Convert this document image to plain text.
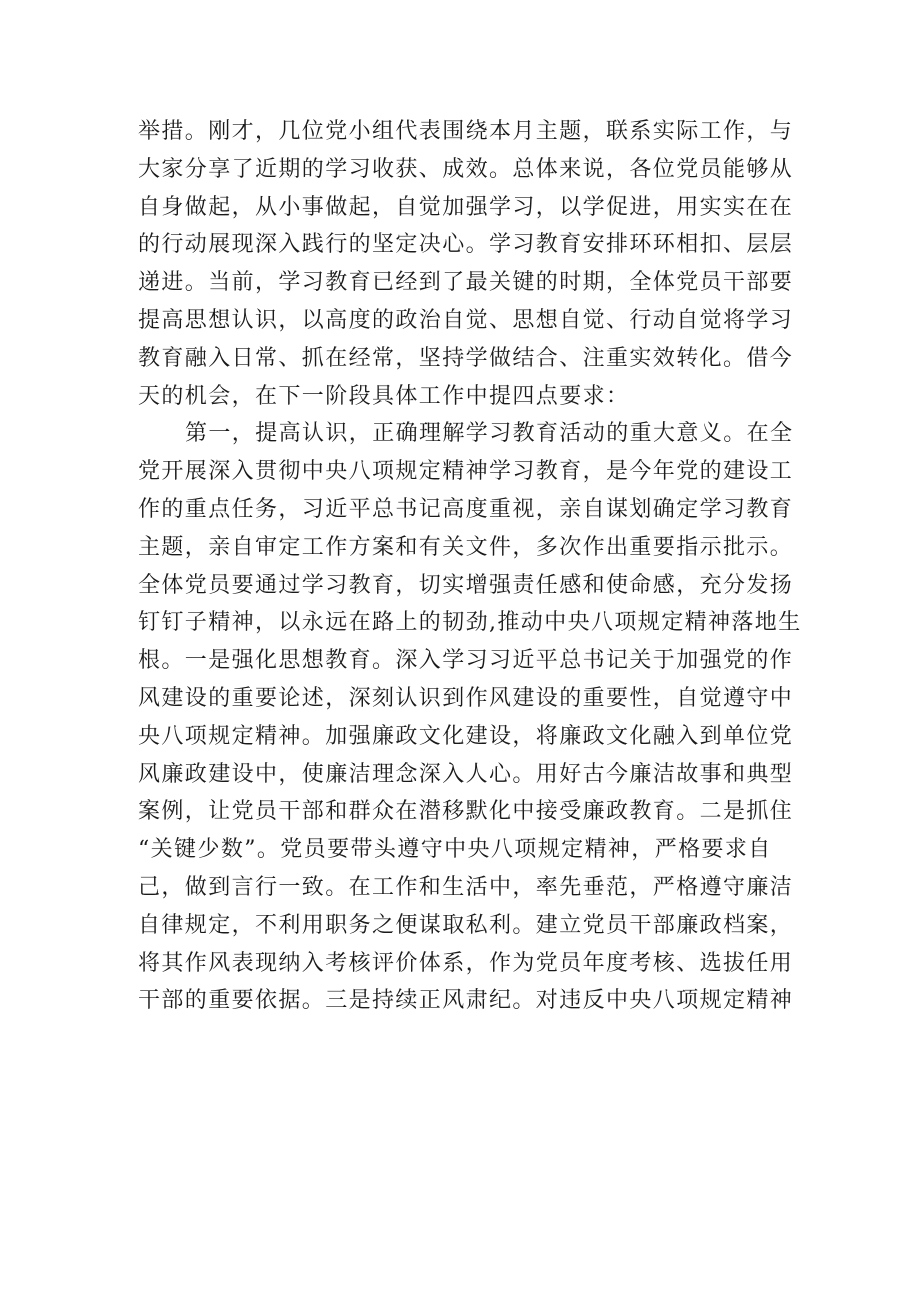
举措。刚才，几位党小组代表围绕本月主题，联系实际工作，与
大家分享了近期的学习收获、成效。总体来说，各位党员能够从
自身做起，从小事做起，自觉加强学习，以学促进，用实实在在
的行动展现深入践行的坚定决心。学习教育安排环环相扣、层层
递进。当前，学习教育已经到了最关键的时期，全体党员干部要
提高思想认识，以高度的政治自觉、思想自觉、行动自觉将学习
教育融入日常、抓在经常，坚持学做结合、注重实效转化。借今
天的机会，在下一阶段具体工作中提四点要求：
第一，提高认识，正确理解学习教育活动的重大意义。在全
党开展深入贯彻中央八项规定精神学习教育，是今年党的建设工
作的重点任务，习近平总书记高度重视，亲自谋划确定学习教育
主题，亲自审定工作方案和有关文件，多次作出重要指示批示。
全体党员要通过学习教育，切实增强责任感和使命感，充分发扬
钉钉子精神，以永远在路上的韧劲,推动中央八项规定精神落地生
根。一是强化思想教育。深入学习习近平总书记关于加强党的作
风建设的重要论述，深刻认识到作风建设的重要性，自觉遵守中
央八项规定精神。加强廉政文化建设，将廉政文化融入到单位党
风廉政建设中，使廉洁理念深入人心。用好古今廉洁故事和典型
案例，让党员干部和群众在潜移默化中接受廉政教育。二是抓住
“关键少数”。党员要带头遵守中央八项规定精神，严格要求自
己，做到言行一致。在工作和生活中，率先垂范，严格遵守廉洁
自律规定，不利用职务之便谋取私利。建立党员干部廉政档案，
将其作风表现纳入考核评价体系，作为党员年度考核、选拔任用
干部的重要依据。三是持续正风肃纪。对违反中央八项规定精神
